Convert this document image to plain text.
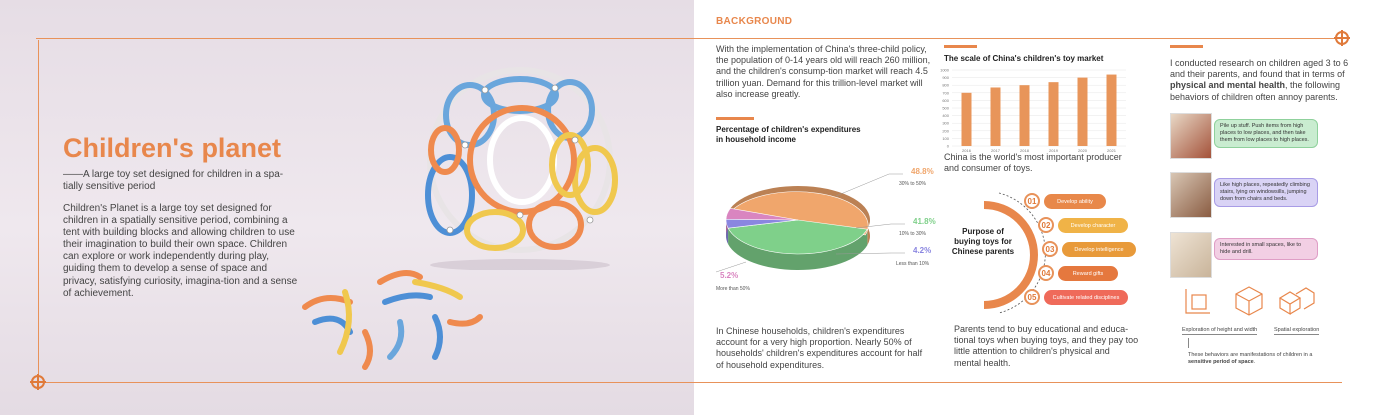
Children's planet
——A large toy set designed for children in a spa-tially sensitive period
Children's Planet is a large toy set designed for children in a spatially sensitive period, combining a tent with building blocks and allowing children to use their imagination to build their own space. Children can explore or work independently during play, guiding them to develop a sense of space and privacy, satisfying curiosity, imagina-tion and a sense of achievement.
BACKGROUND
With the implementation of China's three-child policy, the population of 0-14 years old will reach 260 million, and the children's consump-tion market will reach 4.5 trillion yuan. Demand for this trillion-level market will also increase greatly.
Percentage of children's expenditures in household income
48.8%
30% to 50%
41.8%
10% to 30%
4.2%
Less than 10%
5.2%
More than 50%
In Chinese households, children's expenditures account for a very high proportion. Nearly 50% of households' children's expenditures account for half of household expenditures.
The scale of China's children's toy market
0
100
200
300
400
500
600
700
800
900
1000
2016	2017	2018	2019	2020	2021
China is the world's most important producer and consumer of toys.
Purpose of buying toys for Chinese parents
01	Develop ability
02	Develop character
03	Develop intelligence
04	Reward gifts
05	Cultivate related disciplines
Parents tend to buy educational and educa-tional toys when buying toys, and they pay too little attention to children's physical and mental health.
I conducted research on children aged 3 to 6 and their parents, and found that in terms of physical and mental health, the following behaviors of children often annoy parents.
Pile up stuff. Push items from high places to low places, and then take them from low places to high places.
Like high places, repeatedly climbing stairs, lying on windowsills, jumping down from chairs and beds.
Interested in small spaces, like to hide and drill.
Exploration of height and width	Spatial exploration
These behaviors are manifestations of children in a sensitive period of space.
